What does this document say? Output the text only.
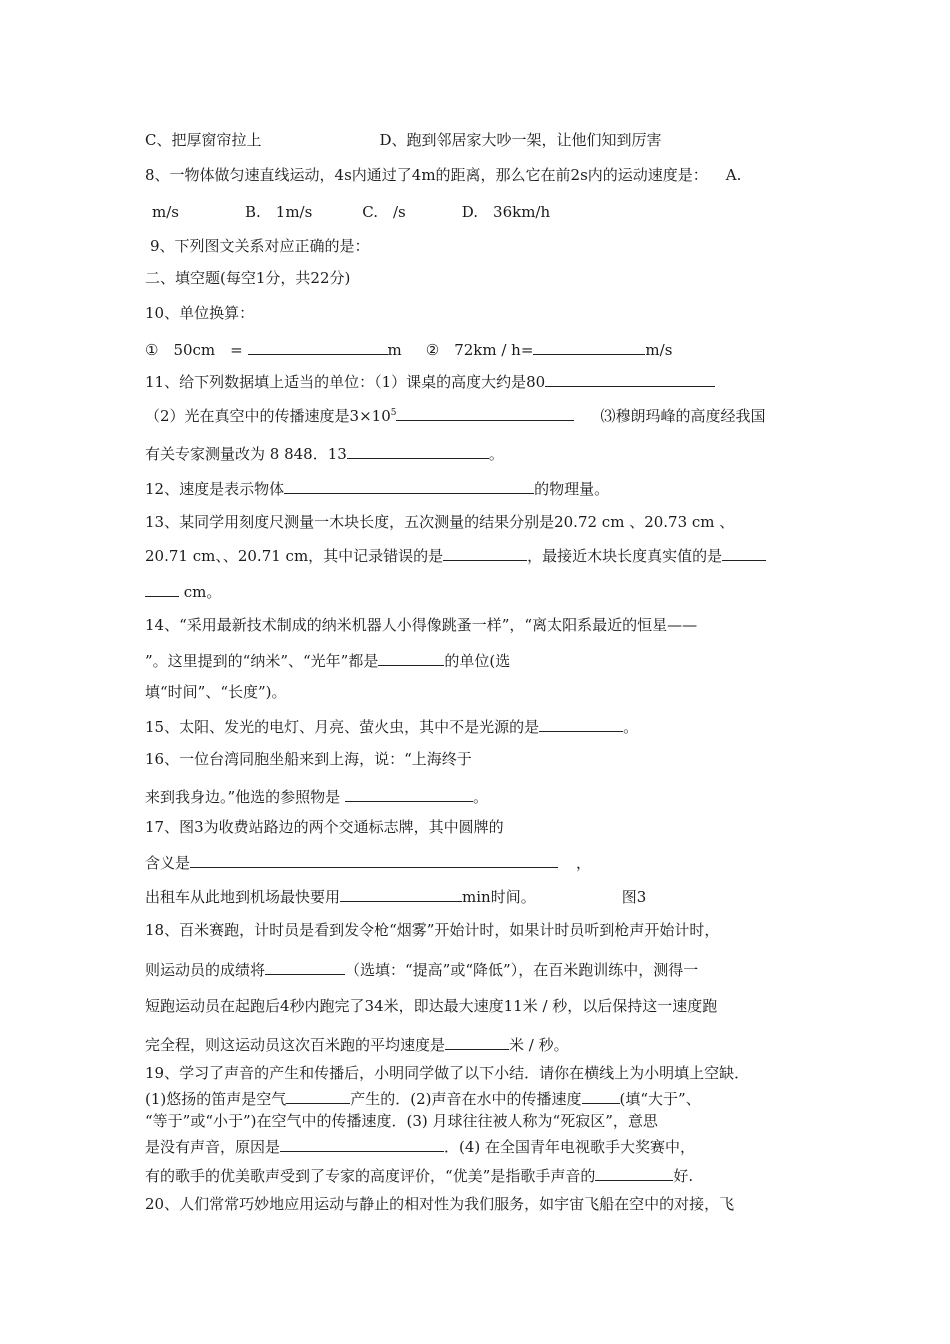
C、把厚窗帘拉上	D、跑到邻居家大吵一架，让他们知到厉害
8、一物体做匀速直线运动，4s内通过了4m的距离，那么它在前2s内的运动速度是： A.
m/s	B.　1m/s	C.　/s	D.　36km/h
9、下列图文关系对应正确的是：
二、填空题(每空1分，共22分)
10、单位换算：
①　50cm　=	m ②　72km / h=	m/s
11、给下列数据填上适当的单位：（1）课桌的高度大约是80
（2）光在真空中的传播速度是$3\times 10^5$	⑶穆朗玛峰的高度经我国
有关专家测量改为 8 848．13	。
12、速度是表示物体	的物理量。
13、某同学用刻度尺测量一木块长度，五次测量的结果分别是20.72 cm 、20.73 cm 、
20.71 cm、、20.71 cm，其中记录错误的是	，最接近木块长度真实值的是
cm。
14、“采用最新技术制成的纳米机器人小得像跳蚤一样”，“离太阳系最近的恒星——
”。这里提到的“纳米”、“光年”都是	的单位(选
填“时间”、“长度”)。
15、太阳、发光的电灯、月亮、萤火虫，其中不是光源的是	。
16、一位台湾同胞坐船来到上海，说：“上海终于
来到我身边。”他选的参照物是	。
17、图3为收费站路边的两个交通标志牌，其中圆牌的
含义是	，
出租车从此地到机场最快要用	min时间。	图3
18、百米赛跑，计时员是看到发令枪“烟雾”开始计时，如果计时员听到枪声开始计时，
则运动员的成绩将	（选填：“提高”或“降低”），在百米跑训练中，测得一
短跑运动员在起跑后4秒内跑完了34米，即达最大速度11米 / 秒，以后保持这一速度跑
完全程，则这运动员这次百米跑的平均速度是	米 / 秒。
19、学习了声音的产生和传播后，小明同学做了以下小结．请你在横线上为小明填上空缺．
(1)悠扬的笛声是空气	产生的．(2)声音在水中的传播速度	(填“大于”、
“等于”或“小于”)在空气中的传播速度．(3) 月球往往被人称为“死寂区”，意思
是没有声音，原因是	．(4) 在全国青年电视歌手大奖赛中，
有的歌手的优美歌声受到了专家的高度评价，“优美”是指歌手声音的	好.
20、人们常常巧妙地应用运动与静止的相对性为我们服务，如宇宙飞船在空中的对接，飞
